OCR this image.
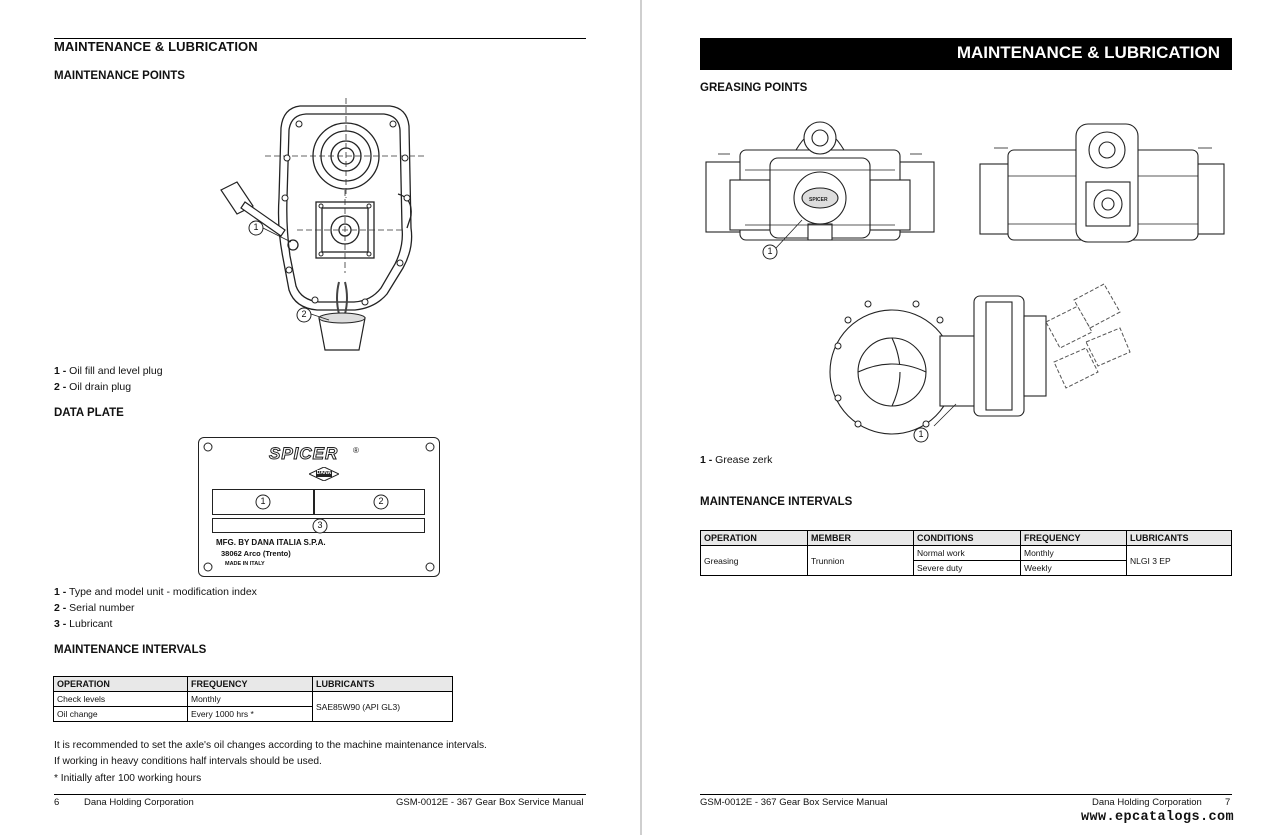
MAINTENANCE & LUBRICATION
MAINTENANCE POINTS
1
2
1 - Oil fill and level plug
2 - Oil drain plug
DATA PLATE
SPICER ®
DANA
1	2
3
MFG. BY DANA ITALIA S.P.A.
38062 Arco (Trento)
MADE IN ITALY
1 - Type and model unit - modification index
2 - Serial number
3 - Lubricant
MAINTENANCE INTERVALS
OPERATION	FREQUENCY	LUBRICANTS
Check levels	Monthly	SAE85W90 (API GL3)
Oil change	Every 1000 hrs *	
It is recommended to set the axle's oil changes according to the machine maintenance intervals.
If working in heavy conditions half intervals should be used.
* Initially after 100 working hours
6	Dana Holding Corporation	GSM-0012E - 367 Gear Box Service Manual
MAINTENANCE & LUBRICATION
GREASING POINTS
SPICER
1
1
1 - Grease zerk
MAINTENANCE INTERVALS
OPERATION	MEMBER	CONDITIONS	FREQUENCY	LUBRICANTS
Greasing	Trunnion	Normal work	Monthly	NLGI 3 EP
		Severe duty	Weekly	
GSM-0012E - 367 Gear Box Service Manual	Dana Holding Corporation 7
www.epcatalogs.com
